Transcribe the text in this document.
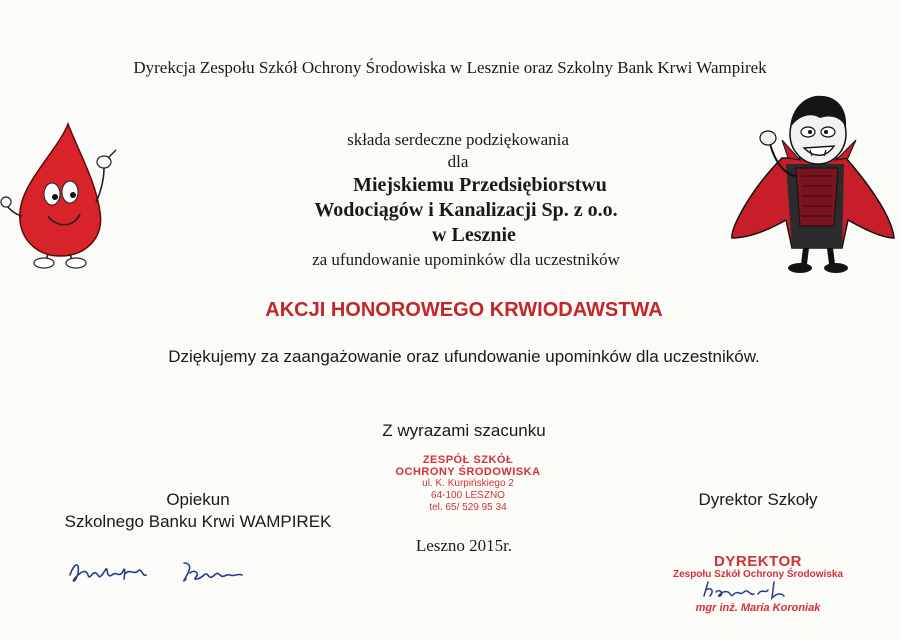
Dyrekcja Zespołu Szkół Ochrony Środowiska w Lesznie oraz Szkolny Bank Krwi Wampirek
składa serdeczne podziękowania
dla
Miejskiemu Przedsiębiorstwu
Wodociągów i Kanalizacji Sp. z o.o.
w Lesznie
za ufundowanie upominków dla uczestników
AKCJI HONOROWEGO KRWIODAWSTWA
Dziękujemy za zaangażowanie oraz ufundowanie upominków dla uczestników.
Z wyrazami szacunku
Opiekun
Szkolnego Banku Krwi WAMPIREK
Dyrektor Szkoły
Leszno 2015r.
ZESPÓŁ SZKÓŁ
OCHRONY ŚRODOWISKA
ul. K. Kurpińskiego 2
64-100 LESZNO
tel. 65/ 529 95 34
DYREKTOR
Zespołu Szkół Ochrony Środowiska
mgr inż. Maria Koroniak
